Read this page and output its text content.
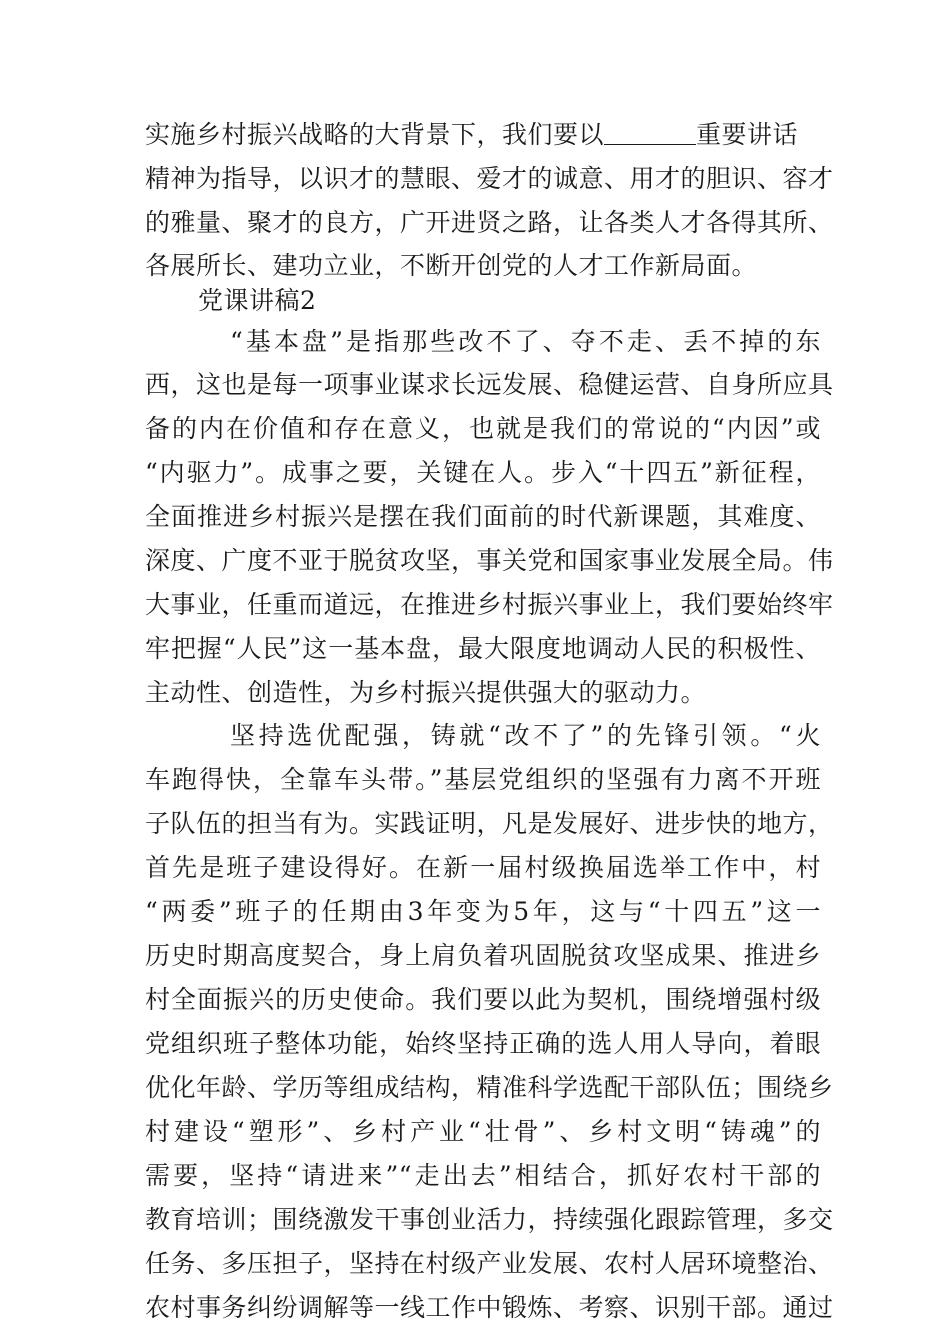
实施乡村振兴战略的大背景下，我们要以	重要讲话
精神为指导，以识才的慧眼、爱才的诚意、用才的胆识、容才
的雅量、聚才的良方，广开进贤之路，让各类人才各得其所、
各展所长、建功立业，不断开创党的人才工作新局面。
党课讲稿2
“基本盘”是指那些改不了、夺不走、丢不掉的东
西，这也是每一项事业谋求长远发展、稳健运营、自身所应具
备的内在价值和存在意义，也就是我们的常说的“内因”或
“内驱力”。成事之要，关键在人。步入“十四五”新征程，
全面推进乡村振兴是摆在我们面前的时代新课题，其难度、
深度、广度不亚于脱贫攻坚，事关党和国家事业发展全局。伟
大事业，任重而道远，在推进乡村振兴事业上，我们要始终牢
牢把握“人民”这一基本盘，最大限度地调动人民的积极性、
主动性、创造性，为乡村振兴提供强大的驱动力。
坚持选优配强，铸就“改不了”的先锋引领。“火
车跑得快，全靠车头带。”基层党组织的坚强有力离不开班
子队伍的担当有为。实践证明，凡是发展好、进步快的地方，
首先是班子建设得好。在新一届村级换届选举工作中，村
“两委”班子的任期由3年变为5年，这与“十四五”这一
历史时期高度契合，身上肩负着巩固脱贫攻坚成果、推进乡
村全面振兴的历史使命。我们要以此为契机，围绕增强村级
党组织班子整体功能，始终坚持正确的选人用人导向，着眼
优化年龄、学历等组成结构，精准科学选配干部队伍；围绕乡
村建设“塑形”、乡村产业“壮骨”、乡村文明“铸魂”的
需要，坚持“请进来”“走出去”相结合，抓好农村干部的
教育培训；围绕激发干事创业活力，持续强化跟踪管理，多交
任务、多压担子，坚持在村级产业发展、农村人居环境整治、
农村事务纠纷调解等一线工作中锻炼、考察、识别干部。通过
